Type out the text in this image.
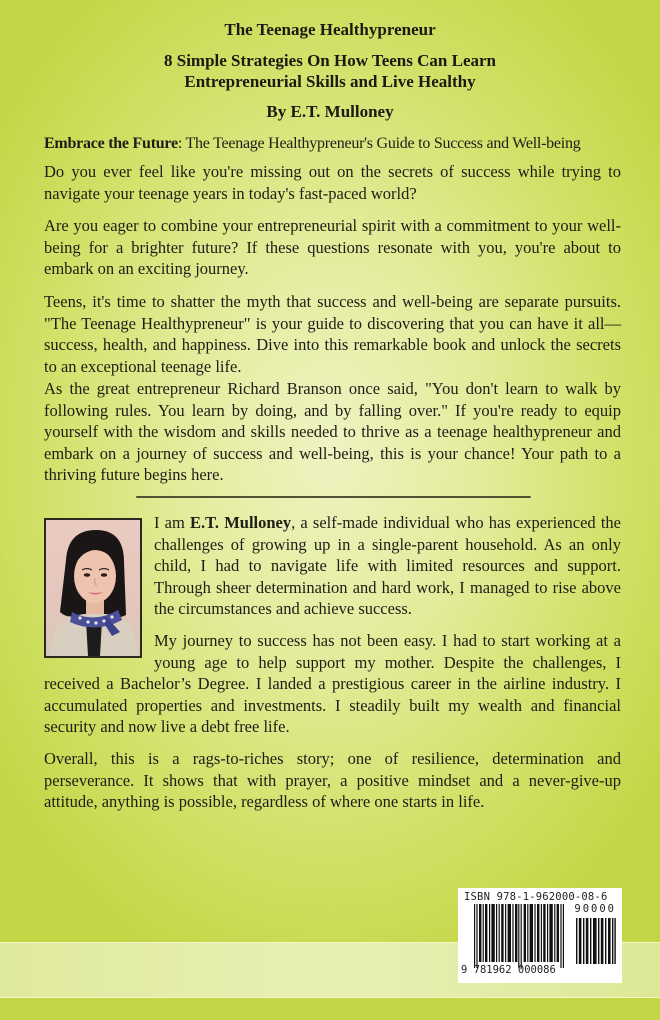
The Teenage Healthypreneur
8 Simple Strategies On How Teens Can Learn
Entrepreneurial Skills and Live Healthy
By E.T. Mulloney
Embrace the Future: The Teenage Healthypreneur's Guide to Success and Well-being

Do you ever feel like you're missing out on the secrets of success while trying to navigate your teenage years in today's fast-paced world?

Are you eager to combine your entrepreneurial spirit with a commitment to your well-being for a brighter future? If these questions resonate with you, you're about to embark on an exciting journey.

Teens, it's time to shatter the myth that success and well-being are separate pursuits. "The Teenage Healthypreneur" is your guide to discovering that you can have it all—success, health, and happiness. Dive into this remarkable book and unlock the secrets to an exceptional teenage life.

As the great entrepreneur Richard Branson once said, "You don't learn to walk by following rules. You learn by doing, and by falling over." If you're ready to equip yourself with the wisdom and skills needed to thrive as a teenage healthypreneur and embark on a journey of success and well-being, this is your chance! Your path to a thriving future begins here.

I am E.T. Mulloney, a self-made individual who has experienced the challenges of growing up in a single-parent household. As an only child, I had to navigate life with limited resources and support. Through sheer determination and hard work, I managed to rise above the circumstances and achieve success.

My journey to success has not been easy. I had to start working at a young age to help support my mother. Despite the challenges, I received a Bachelor’s Degree. I landed a prestigious career in the airline industry. I accumulated properties and investments. I steadily built my wealth and financial security and now live a debt free life.

Overall, this is a rags-to-riches story; one of resilience, determination and perseverance. It shows that with prayer, a positive mindset and a never-give-up attitude, anything is possible, regardless of where one starts in life.

ISBN 978-1-962000-08-6
90000
9 781962 000086
